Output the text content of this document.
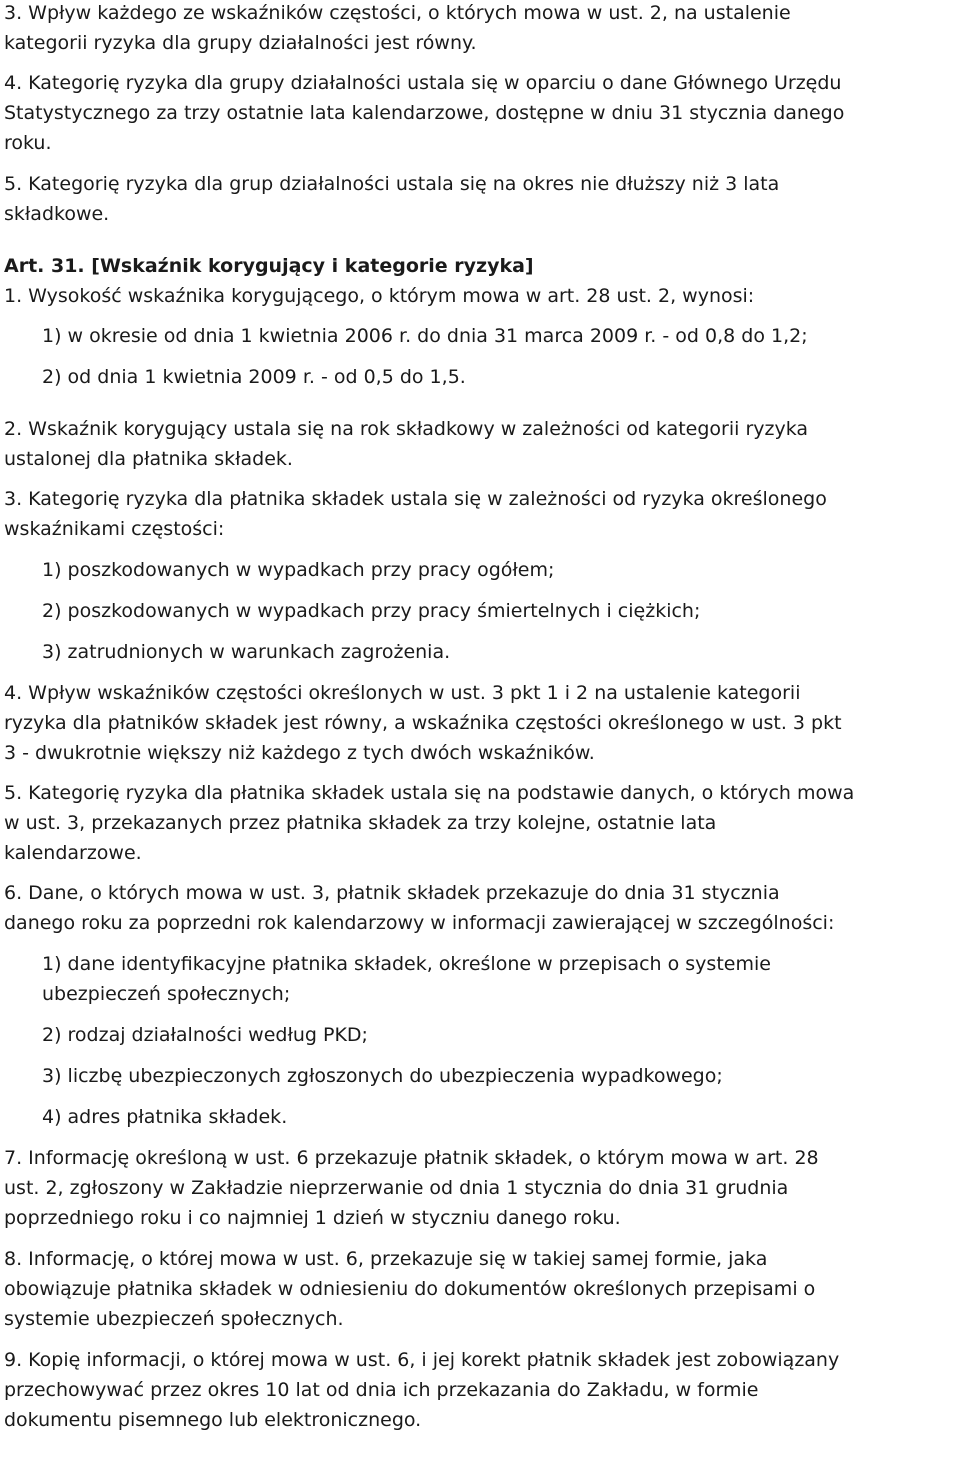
3. Wpływ każdego ze wskaźników częstości, o których mowa w ust. 2, na ustalenie
kategorii ryzyka dla grupy działalności jest równy.

4. Kategorię ryzyka dla grupy działalności ustala się w oparciu o dane Głównego Urzędu
Statystycznego za trzy ostatnie lata kalendarzowe, dostępne w dniu 31 stycznia danego
roku.

5. Kategorię ryzyka dla grup działalności ustala się na okres nie dłuższy niż 3 lata
składkowe.

Art. 31. [Wskaźnik korygujący i kategorie ryzyka]

1. Wysokość wskaźnika korygującego, o którym mowa w art. 28 ust. 2, wynosi:

1) w okresie od dnia 1 kwietnia 2006 r. do dnia 31 marca 2009 r. - od 0,8 do 1,2;

2) od dnia 1 kwietnia 2009 r. - od 0,5 do 1,5.

2. Wskaźnik korygujący ustala się na rok składkowy w zależności od kategorii ryzyka
ustalonej dla płatnika składek.

3. Kategorię ryzyka dla płatnika składek ustala się w zależności od ryzyka określonego
wskaźnikami częstości:

1) poszkodowanych w wypadkach przy pracy ogółem;

2) poszkodowanych w wypadkach przy pracy śmiertelnych i ciężkich;

3) zatrudnionych w warunkach zagrożenia.

4. Wpływ wskaźników częstości określonych w ust. 3 pkt 1 i 2 na ustalenie kategorii
ryzyka dla płatników składek jest równy, a wskaźnika częstości określonego w ust. 3 pkt
3 - dwukrotnie większy niż każdego z tych dwóch wskaźników.

5. Kategorię ryzyka dla płatnika składek ustala się na podstawie danych, o których mowa
w ust. 3, przekazanych przez płatnika składek za trzy kolejne, ostatnie lata
kalendarzowe.

6. Dane, o których mowa w ust. 3, płatnik składek przekazuje do dnia 31 stycznia
danego roku za poprzedni rok kalendarzowy w informacji zawierającej w szczególności:

1) dane identyfikacyjne płatnika składek, określone w przepisach o systemie
ubezpieczeń społecznych;

2) rodzaj działalności według PKD;

3) liczbę ubezpieczonych zgłoszonych do ubezpieczenia wypadkowego;

4) adres płatnika składek.

7. Informację określoną w ust. 6 przekazuje płatnik składek, o którym mowa w art. 28
ust. 2, zgłoszony w Zakładzie nieprzerwanie od dnia 1 stycznia do dnia 31 grudnia
poprzedniego roku i co najmniej 1 dzień w styczniu danego roku.

8. Informację, o której mowa w ust. 6, przekazuje się w takiej samej formie, jaka
obowiązuje płatnika składek w odniesieniu do dokumentów określonych przepisami o
systemie ubezpieczeń społecznych.

9. Kopię informacji, o której mowa w ust. 6, i jej korekt płatnik składek jest zobowiązany
przechowywać przez okres 10 lat od dnia ich przekazania do Zakładu, w formie
dokumentu pisemnego lub elektronicznego.
